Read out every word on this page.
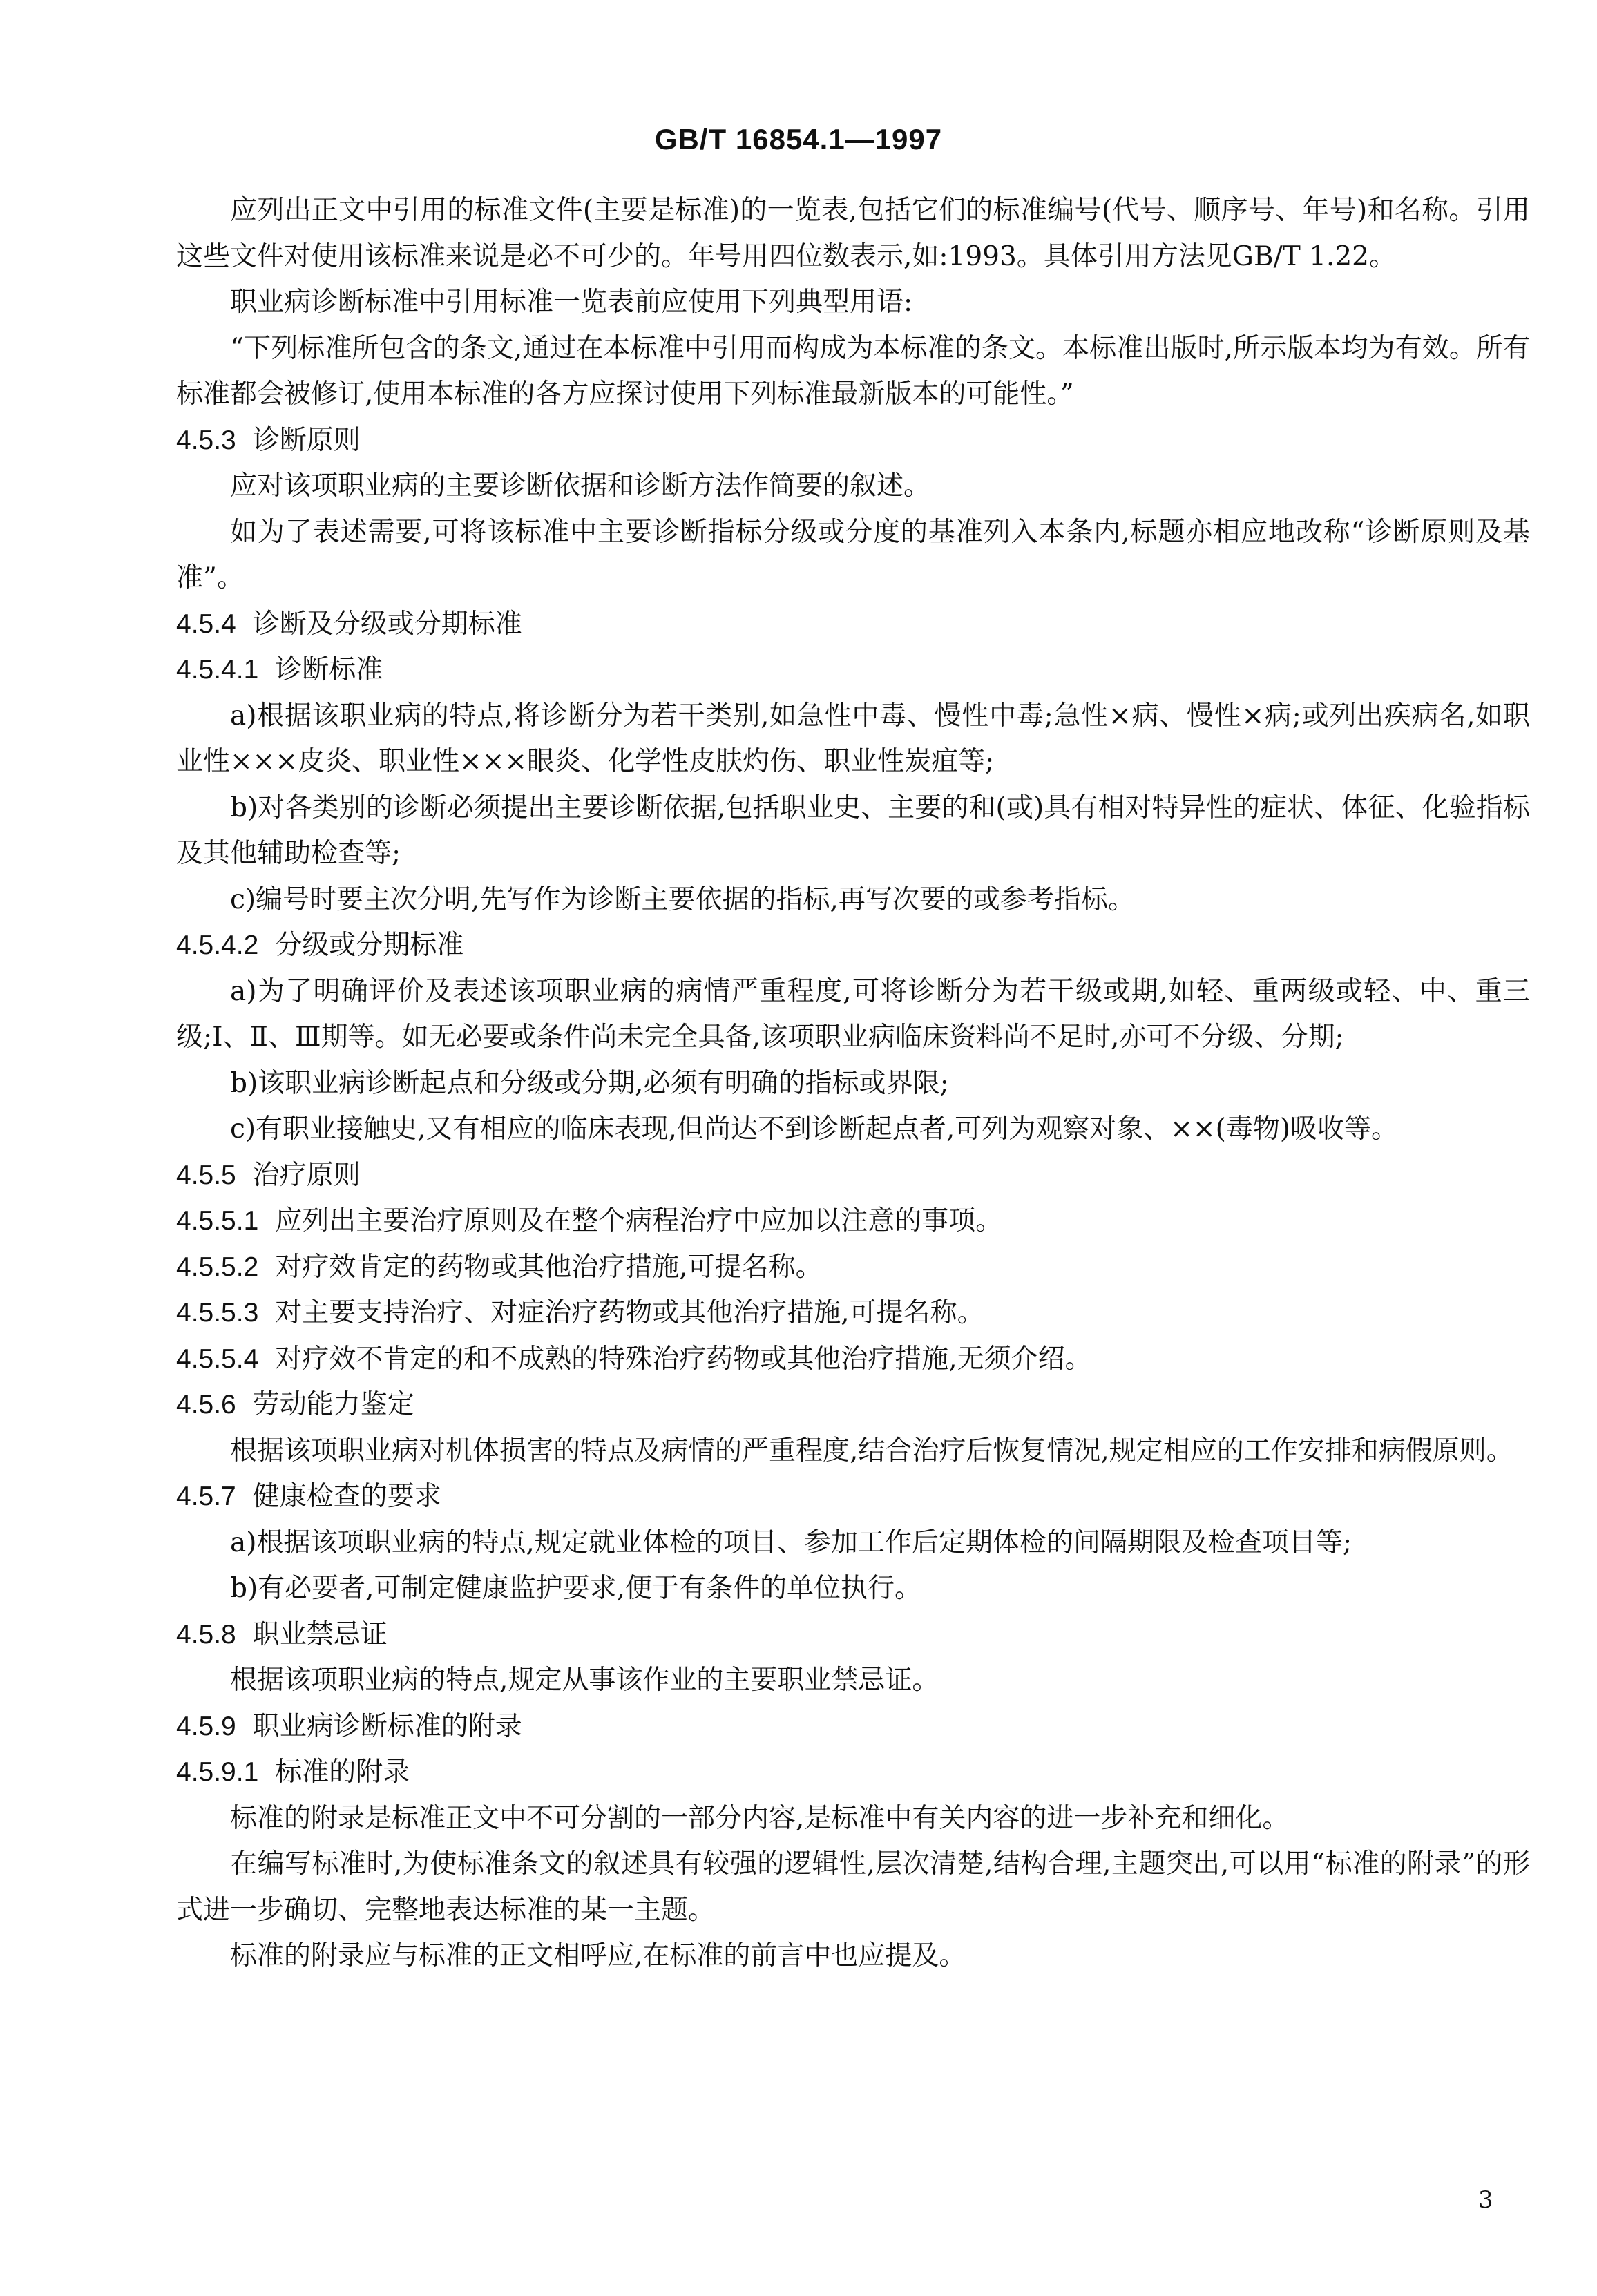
GB/T 16854.1—1997

应列出正文中引用的标准文件(主要是标准)的一览表,包括它们的标准编号(代号、顺序号、年号)和名称。引用这些文件对使用该标准来说是必不可少的。年号用四位数表示,如:1993。具体引用方法见GB/T 1.22。

职业病诊断标准中引用标准一览表前应使用下列典型用语:

“下列标准所包含的条文,通过在本标准中引用而构成为本标准的条文。本标准出版时,所示版本均为有效。所有标准都会被修订,使用本标准的各方应探讨使用下列标准最新版本的可能性。”

4.5.3 诊断原则

应对该项职业病的主要诊断依据和诊断方法作简要的叙述。

如为了表述需要,可将该标准中主要诊断指标分级或分度的基准列入本条内,标题亦相应地改称“诊断原则及基准”。

4.5.4 诊断及分级或分期标准

4.5.4.1 诊断标准

a)根据该职业病的特点,将诊断分为若干类别,如急性中毒、慢性中毒;急性×病、慢性×病;或列出疾病名,如职业性×××皮炎、职业性×××眼炎、化学性皮肤灼伤、职业性炭疽等;

b)对各类别的诊断必须提出主要诊断依据,包括职业史、主要的和(或)具有相对特异性的症状、体征、化验指标及其他辅助检查等;

c)编号时要主次分明,先写作为诊断主要依据的指标,再写次要的或参考指标。

4.5.4.2 分级或分期标准

a)为了明确评价及表述该项职业病的病情严重程度,可将诊断分为若干级或期,如轻、重两级或轻、中、重三级;Ⅰ、Ⅱ、Ⅲ期等。如无必要或条件尚未完全具备,该项职业病临床资料尚不足时,亦可不分级、分期;

b)该职业病诊断起点和分级或分期,必须有明确的指标或界限;

c)有职业接触史,又有相应的临床表现,但尚达不到诊断起点者,可列为观察对象、××(毒物)吸收等。

4.5.5 治疗原则

4.5.5.1 应列出主要治疗原则及在整个病程治疗中应加以注意的事项。

4.5.5.2 对疗效肯定的药物或其他治疗措施,可提名称。

4.5.5.3 对主要支持治疗、对症治疗药物或其他治疗措施,可提名称。

4.5.5.4 对疗效不肯定的和不成熟的特殊治疗药物或其他治疗措施,无须介绍。

4.5.6 劳动能力鉴定

根据该项职业病对机体损害的特点及病情的严重程度,结合治疗后恢复情况,规定相应的工作安排和病假原则。

4.5.7 健康检查的要求

a)根据该项职业病的特点,规定就业体检的项目、参加工作后定期体检的间隔期限及检查项目等;

b)有必要者,可制定健康监护要求,便于有条件的单位执行。

4.5.8 职业禁忌证

根据该项职业病的特点,规定从事该作业的主要职业禁忌证。

4.5.9 职业病诊断标准的附录

4.5.9.1 标准的附录

标准的附录是标准正文中不可分割的一部分内容,是标准中有关内容的进一步补充和细化。

在编写标准时,为使标准条文的叙述具有较强的逻辑性,层次清楚,结构合理,主题突出,可以用“标准的附录”的形式进一步确切、完整地表达标准的某一主题。

标准的附录应与标准的正文相呼应,在标准的前言中也应提及。

3
